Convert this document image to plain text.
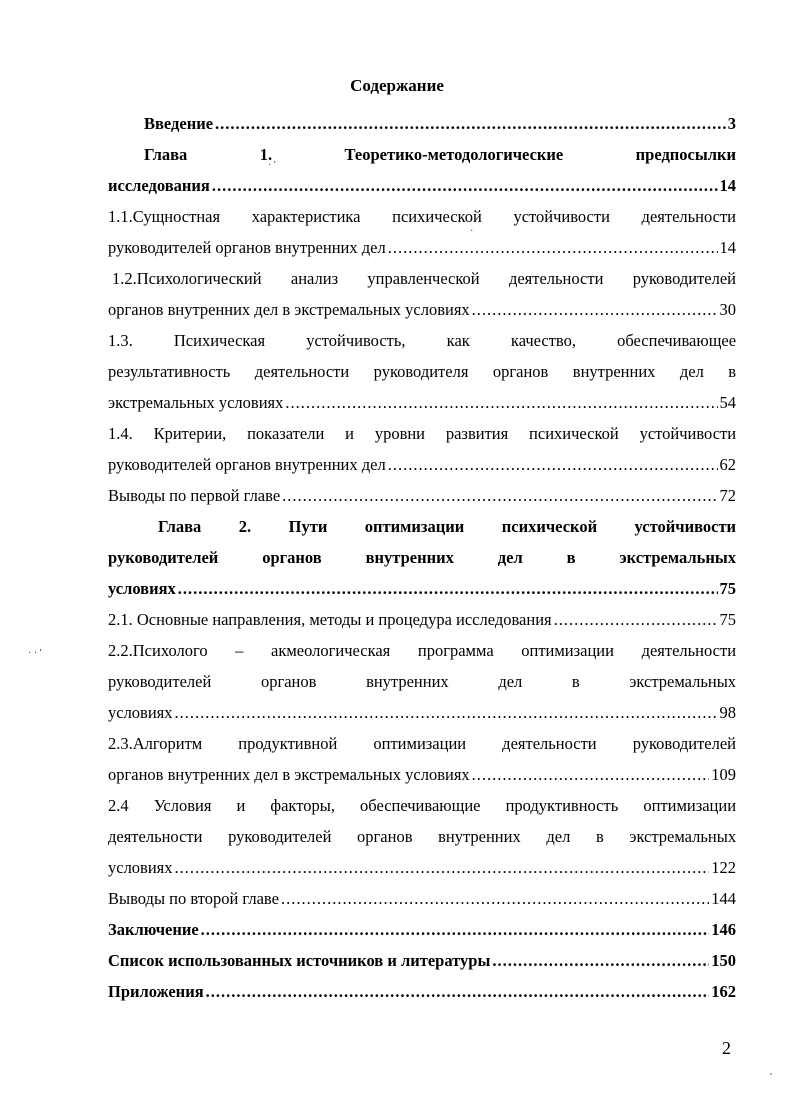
Содержание
Введение .....	3
Глава	1.	Теоретико-методологические	предпосылки
исследования .....	14
1.1.Сущностная характеристика психической устойчивости деятельности
руководителей органов внутренних дел .....	14
1.2.Психологический анализ управленческой деятельности руководителей
органов внутренних дел в экстремальных условиях .....	30
1.3. Психическая устойчивость, как качество, обеспечивающее
результативность деятельности руководителя органов внутренних дел в
экстремальных условиях .....	54
1.4. Критерии, показатели и уровни развития психической устойчивости
руководителей органов внутренних дел .....	62
Выводы по первой главе .....	72
Глава 2. Пути оптимизации психической устойчивости
руководителей	органов	внутренних	дел	в	экстремальных
условиях .....	75
2.1. Основные направления, методы и процедура исследования .....	75
2.2.Психолого – акмеологическая программа оптимизации деятельности
руководителей	органов	внутренних	дел	в	экстремальных
условиях .....	98
2.3.Алгоритм продуктивной оптимизации деятельности руководителей
органов внутренних дел в экстремальных условиях .....	109
2.4 Условия и факторы, обеспечивающие продуктивность оптимизации
деятельности руководителей органов внутренних дел в экстремальных
условиях .....	122
Выводы по второй главе .....	144
Заключение .....	146
Список использованных источников и литературы .....	150
Приложения .....	162
2
· '
· · '
·
'
